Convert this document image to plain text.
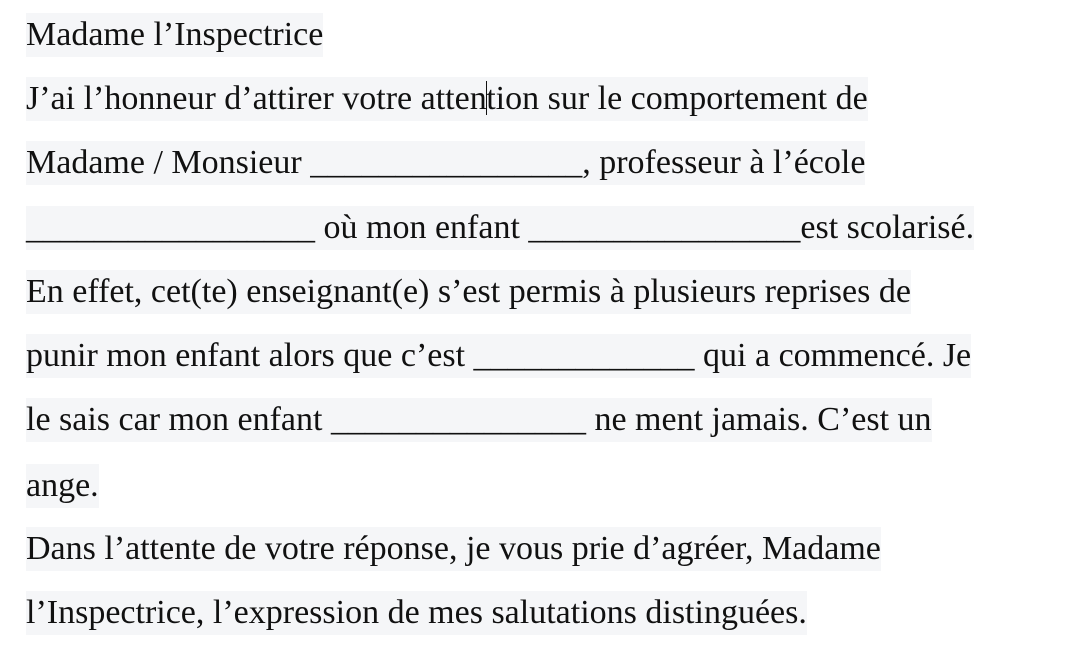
Madame l’Inspectrice
J’ai l’honneur d’attirer votre attention sur le comportement de
Madame / Monsieur ________________, professeur à l’école
_________________ où mon enfant ________________est scolarisé.
En effet, cet(te) enseignant(e) s’est permis à plusieurs reprises de
punir mon enfant alors que c’est _____________ qui a commencé. Je
le sais car mon enfant _______________ ne ment jamais. C’est un
ange.
Dans l’attente de votre réponse, je vous prie d’agréer, Madame
l’Inspectrice, l’expression de mes salutations distinguées.
